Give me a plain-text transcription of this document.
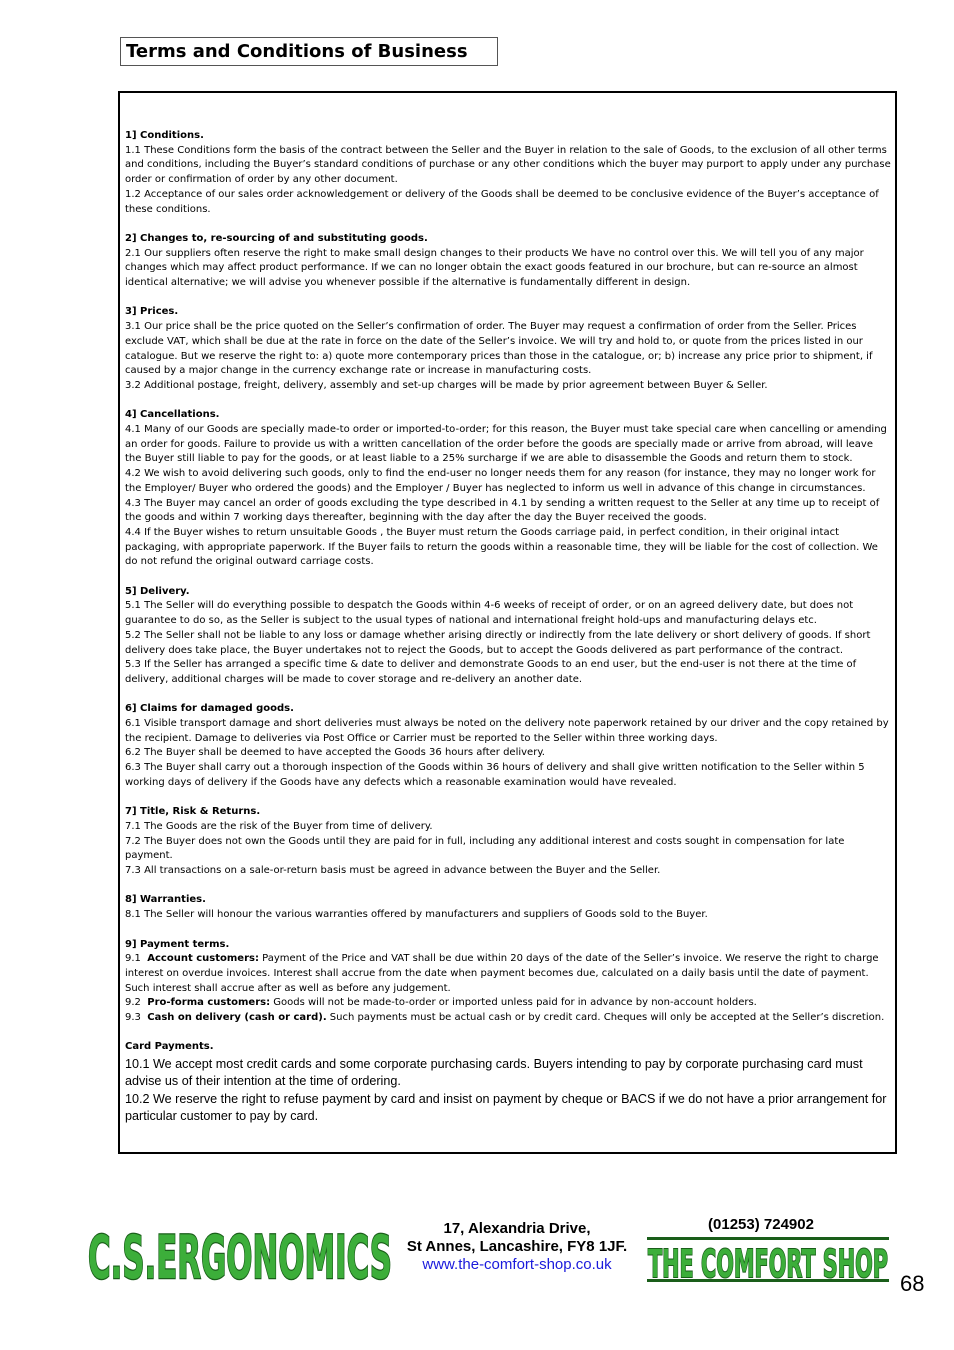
Terms and Conditions of Business
1] Conditions.
1.1 These Conditions form the basis of the contract between the Seller and the Buyer in relation to the sale of Goods, to the exclusion of all other terms and conditions, including the Buyer’s standard conditions of purchase or any other conditions which the buyer may purport to apply under any purchase order or confirmation of order by any other document.
1.2 Acceptance of our sales order acknowledgement or delivery of the Goods shall be deemed to be conclusive evidence of the Buyer’s acceptance of these conditions.
2] Changes to, re-sourcing of and substituting goods.
2.1 Our suppliers often reserve the right to make small design changes to their products We have no control over this. We will tell you of any major changes which may affect product performance. If we can no longer obtain the exact goods featured in our brochure, but can re-source an almost
identical alternative; we will advise you whenever possible if the alternative is fundamentally different in design.
3] Prices.
3.1 Our price shall be the price quoted on the Seller’s confirmation of order. The Buyer may request a confirmation of order from the Seller. Prices exclude VAT, which shall be due at the rate in force on the date of the Seller’s invoice. We will try and hold to, or quote from the prices listed in our catalogue. But we reserve the right to: a) quote more contemporary prices than those in the catalogue, or; b) increase any price prior to shipment, if caused by a major change in the currency exchange rate or increase in manufacturing costs.
3.2 Additional postage, freight, delivery, assembly and set-up charges will be made by prior agreement between Buyer & Seller.
4] Cancellations.
4.1 Many of our Goods are specially made-to order or imported-to-order; for this reason, the Buyer must take special care when cancelling or amending an order for goods. Failure to provide us with a written cancellation of the order before the goods are specially made or arrive from abroad, will leave the Buyer still liable to pay for the goods, or at least liable to a 25% surcharge if we are able to disassemble the Goods and return them to stock.
4.2 We wish to avoid delivering such goods, only to find the end-user no longer needs them for any reason (for instance, they may no longer work for the Employer/ Buyer who ordered the goods) and the Employer / Buyer has neglected to inform us well in advance of this change in circumstances.
4.3 The Buyer may cancel an order of goods excluding the type described in 4.1 by sending a written request to the Seller at any time up to receipt of the goods and within 7 working days thereafter, beginning with the day after the day the Buyer received the goods.
4.4 If the Buyer wishes to return unsuitable Goods , the Buyer must return the Goods carriage paid, in perfect condition, in their original intact packaging, with appropriate paperwork. If the Buyer fails to return the goods within a reasonable time, they will be liable for the cost of collection. We do not refund the original outward carriage costs.
5] Delivery.
5.1 The Seller will do everything possible to despatch the Goods within 4-6 weeks of receipt of order, or on an agreed delivery date, but does not guarantee to do so, as the Seller is subject to the usual types of national and international freight hold-ups and manufacturing delays etc.
5.2 The Seller shall not be liable to any loss or damage whether arising directly or indirectly from the late delivery or short delivery of goods. If short delivery does take place, the Buyer undertakes not to reject the Goods, but to accept the Goods delivered as part performance of the contract.
5.3 If the Seller has arranged a specific time & date to deliver and demonstrate Goods to an end user, but the end-user is not there at the time of delivery, additional charges will be made to cover storage and re-delivery an another date.
6] Claims for damaged goods.
6.1 Visible transport damage and short deliveries must always be noted on the delivery note paperwork retained by our driver and the copy retained by the recipient. Damage to deliveries via Post Office or Carrier must be reported to the Seller within three working days.
6.2 The Buyer shall be deemed to have accepted the Goods 36 hours after delivery.
6.3 The Buyer shall carry out a thorough inspection of the Goods within 36 hours of delivery and shall give written notification to the Seller within 5 working days of delivery if the Goods have any defects which a reasonable examination would have revealed.
7] Title, Risk & Returns.
7.1 The Goods are the risk of the Buyer from time of delivery.
7.2 The Buyer does not own the Goods until they are paid for in full, including any additional interest and costs sought in compensation for late payment.
7.3 All transactions on a sale-or-return basis must be agreed in advance between the Buyer and the Seller.
8] Warranties.
8.1 The Seller will honour the various warranties offered by manufacturers and suppliers of Goods sold to the Buyer.
9] Payment terms.
9.1  Account customers: Payment of the Price and VAT shall be due within 20 days of the date of the Seller’s invoice. We reserve the right to charge interest on overdue invoices. Interest shall accrue from the date when payment becomes due, calculated on a daily basis until the date of payment. Such interest shall accrue after as well as before any judgement.
9.2  Pro-forma customers: Goods will not be made-to-order or imported unless paid for in advance by non-account holders.
9.3  Cash on delivery (cash or card). Such payments must be actual cash or by credit card. Cheques will only be accepted at the Seller’s discretion.
Card Payments.
10.1 We accept most credit cards and some corporate purchasing cards. Buyers intending to pay by corporate purchasing card must advise us of their intention at the time of ordering.
10.2 We reserve the right to refuse payment by card and insist on payment by cheque or BACS if we do not have a prior arrangement for particular customer to pay by card.
C.S.ERGONOMICS	17, Alexandria Drive,
St Annes, Lancashire, FY8 1JF.
www.the-comfort-shop.co.uk
(01253) 724902
THE COMFORT SHOP 68
